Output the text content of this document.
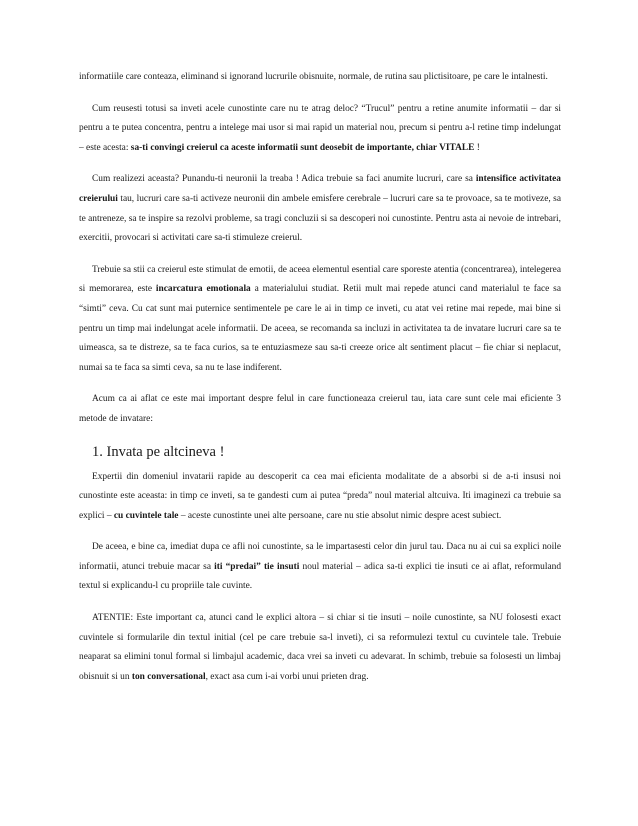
informatiile care conteaza, eliminand si ignorand lucrurile obisnuite, normale, de rutina sau plictisitoare, pe care le intalnesti.

Cum reusesti totusi sa inveti acele cunostinte care nu te atrag deloc? “Trucul” pentru a retine anumite informatii – dar si pentru a te putea concentra, pentru a intelege mai usor si mai rapid un material nou, precum si pentru a-l retine timp indelungat – este acesta: sa-ti convingi creierul ca aceste informatii sunt deosebit de importante, chiar VITALE !

Cum realizezi aceasta? Punandu-ti neuronii la treaba ! Adica trebuie sa faci anumite lucruri, care sa intensifice activitatea creierului tau, lucruri care sa-ti activeze neuronii din ambele emisfere cerebrale – lucruri care sa te provoace, sa te motiveze, sa te antreneze, sa te inspire sa rezolvi probleme, sa tragi concluzii si sa descoperi noi cunostinte. Pentru asta ai nevoie de intrebari, exercitii, provocari si activitati care sa-ti stimuleze creierul.

Trebuie sa stii ca creierul este stimulat de emotii, de aceea elementul esential care sporeste atentia (concentrarea), intelegerea si memorarea, este incarcatura emotionala a materialului studiat. Retii mult mai repede atunci cand materialul te face sa “simti” ceva. Cu cat sunt mai puternice sentimentele pe care le ai in timp ce inveti, cu atat vei retine mai repede, mai bine si pentru un timp mai indelungat acele informatii. De aceea, se recomanda sa incluzi in activitatea ta de invatare lucruri care sa te uimeasca, sa te distreze, sa te faca curios, sa te entuziasmeze sau sa-ti creeze orice alt sentiment placut – fie chiar si neplacut, numai sa te faca sa simti ceva, sa nu te lase indiferent.

Acum ca ai aflat ce este mai important despre felul in care functioneaza creierul tau, iata care sunt cele mai eficiente 3 metode de invatare:

1. Invata pe altcineva !

Expertii din domeniul invatarii rapide au descoperit ca cea mai eficienta modalitate de a absorbi si de a-ti insusi noi cunostinte este aceasta: in timp ce inveti, sa te gandesti cum ai putea “preda” noul material altcuiva. Iti imaginezi ca trebuie sa explici – cu cuvintele tale – aceste cunostinte unei alte persoane, care nu stie absolut nimic despre acest subiect.

De aceea, e bine ca, imediat dupa ce afli noi cunostinte, sa le impartasesti celor din jurul tau. Daca nu ai cui sa explici noile informatii, atunci trebuie macar sa iti “predai” tie insuti noul material – adica sa-ti explici tie insuti ce ai aflat, reformuland textul si explicandu-l cu propriile tale cuvinte.

ATENTIE: Este important ca, atunci cand le explici altora – si chiar si tie insuti – noile cunostinte, sa NU folosesti exact cuvintele si formularile din textul initial (cel pe care trebuie sa-l inveti), ci sa reformulezi textul cu cuvintele tale. Trebuie neaparat sa elimini tonul formal si limbajul academic, daca vrei sa inveti cu adevarat. In schimb, trebuie sa folosesti un limbaj obisnuit si un ton conversational, exact asa cum i-ai vorbi unui prieten drag.
